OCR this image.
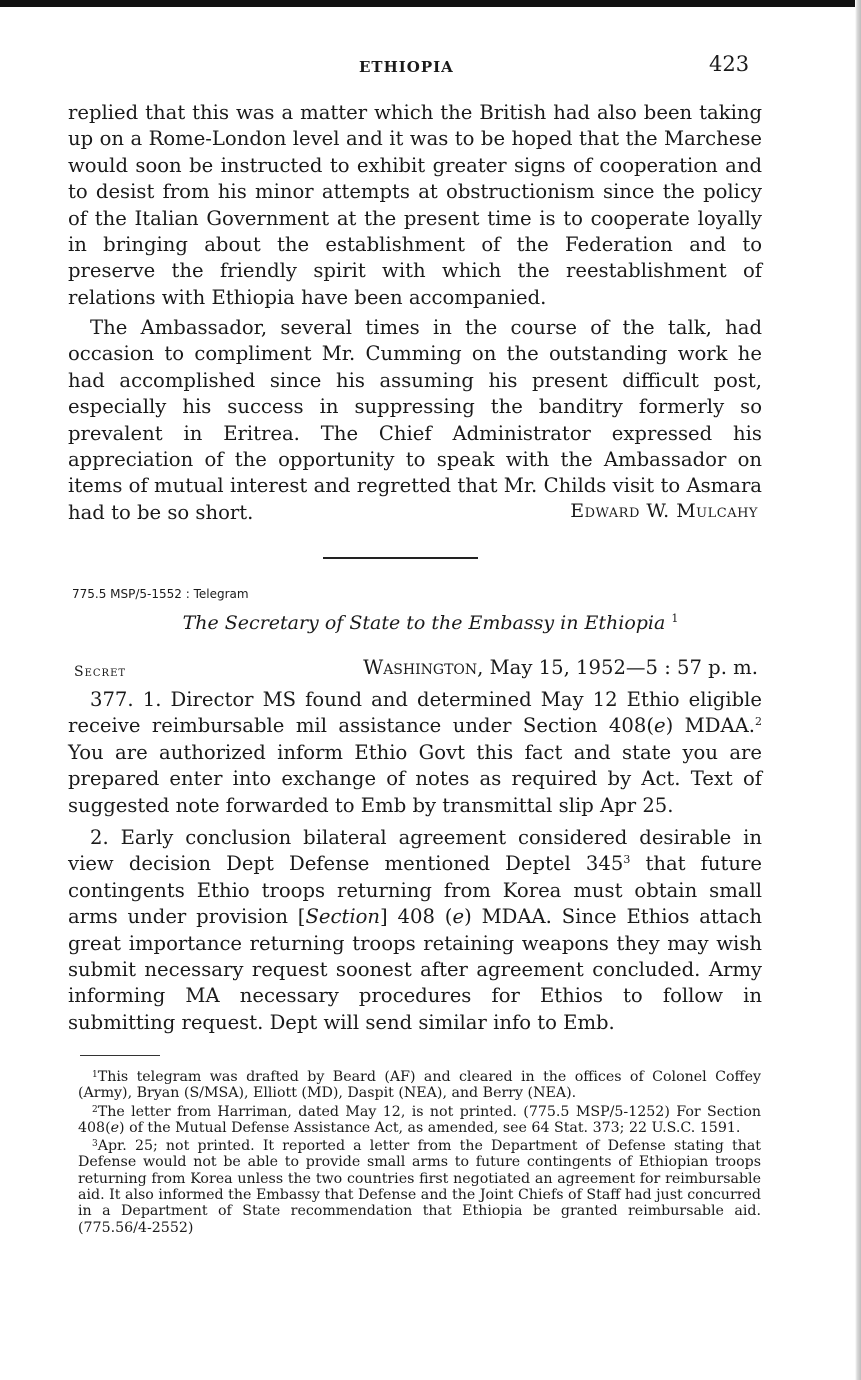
ETHIOPIA	423

replied that this was a matter which the British had also been taking up on a Rome-London level and it was to be hoped that the Marchese would soon be instructed to exhibit greater signs of cooperation and to desist from his minor attempts at obstructionism since the policy of the Italian Government at the present time is to cooperate loyally in bringing about the establishment of the Federation and to preserve the friendly spirit with which the reestablishment of relations with Ethiopia have been accompanied.

The Ambassador, several times in the course of the talk, had occasion to compliment Mr. Cumming on the outstanding work he had accomplished since his assuming his present difficult post, especially his success in suppressing the banditry formerly so prevalent in Eritrea. The Chief Administrator expressed his appreciation of the opportunity to speak with the Ambassador on items of mutual interest and regretted that Mr. Childs visit to Asmara had to be so short.	Edward W. Mulcahy
775.5 MSP/5-1552 : Telegram
The Secretary of State to the Embassy in Ethiopia $^1$
Secret	Washington, May 15, 1952—5 : 57 p. m.

377. 1. Director MS found and determined May 12 Ethio eligible receive reimbursable mil assistance under Section 408(e) MDAA.$^2$ You are authorized inform Ethio Govt this fact and state you are prepared enter into exchange of notes as required by Act. Text of suggested note forwarded to Emb by transmittal slip Apr 25.

2. Early conclusion bilateral agreement considered desirable in view decision Dept Defense mentioned Deptel 345$^3$ that future contingents Ethio troops returning from Korea must obtain small arms under provision [Section] 408 (e) MDAA. Since Ethios attach great importance returning troops retaining weapons they may wish submit necessary request soonest after agreement concluded. Army informing MA necessary procedures for Ethios to follow in submitting request. Dept will send similar info to Emb.

$^1$This telegram was drafted by Beard (AF) and cleared in the offices of Colonel Coffey (Army), Bryan (S/MSA), Elliott (MD), Daspit (NEA), and Berry (NEA).

$^2$The letter from Harriman, dated May 12, is not printed. (775.5 MSP/5-1252) For Section 408(e) of the Mutual Defense Assistance Act, as amended, see 64 Stat. 373; 22 U.S.C. 1591.

$^3$Apr. 25; not printed. It reported a letter from the Department of Defense stating that Defense would not be able to provide small arms to future contingents of Ethiopian troops returning from Korea unless the two countries first negotiated an agreement for reimbursable aid. It also informed the Embassy that Defense and the Joint Chiefs of Staff had just concurred in a Department of State recommendation that Ethiopia be granted reimbursable aid. (775.56/4-2552)
